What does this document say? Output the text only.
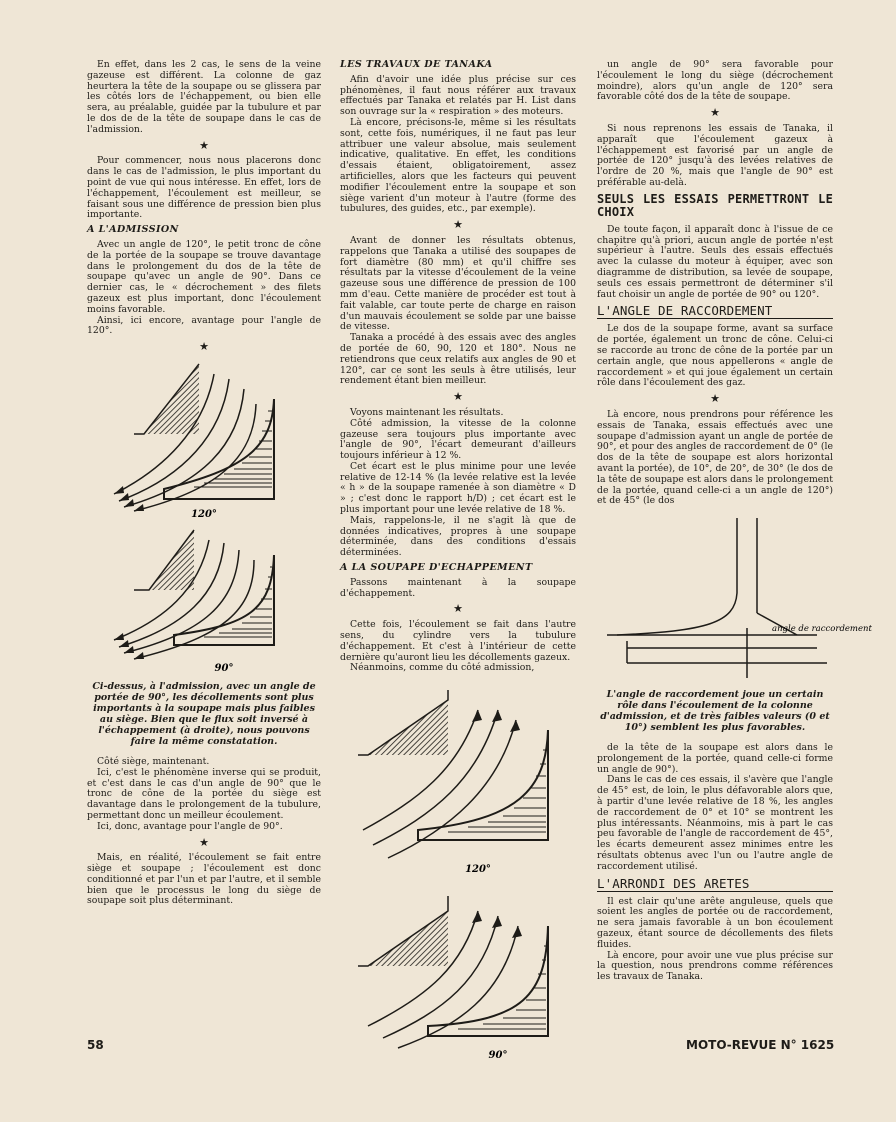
En effet, dans les 2 cas, le sens de la veine gazeuse est différent. La colonne de gaz heurtera la tête de la soupape ou se glissera par les côtés lors de l'échappement, ou bien elle sera, au préalable, guidée par la tubulure et par le dos de de la tête de soupape dans le cas de l'admission.

★

Pour commencer, nous nous placerons donc dans le cas de l'admission, le plus important du point de vue qui nous intéresse. En effet, lors de l'échappement, l'écoulement est meilleur, se faisant sous une différence de pression bien plus importante.

A L'ADMISSION

Avec un angle de 120°, le petit tronc de cône de la portée de la soupape se trouve davantage dans le prolongement du dos de la tête de soupape qu'avec un angle de 90°. Dans ce dernier cas, le « décrochement » des filets gazeux est plus important, donc l'écoulement moins favorable.

Ainsi, ici encore, avantage pour l'angle de 120°.

★
120°
90°
Ci-dessus, à l'admission, avec un angle de portée de 90°, les décollements sont plus importants à la soupape mais plus faibles au siège. Bien que le flux soit inversé à l'échappement (à droite), nous pouvons faire la même constatation.

Côté siège, maintenant.

Ici, c'est le phénomène inverse qui se produit, et c'est dans le cas d'un angle de 90° que le tronc de cône de la portée du siège est davantage dans le prolongement de la tubulure, permettant donc un meilleur écoulement.

Ici, donc, avantage pour l'angle de 90°.

★

Mais, en réalité, l'écoulement se fait entre siège et soupape ; l'écoulement est donc conditionné et par l'un et par l'autre, et il semble bien que le processus le long du siège de soupape soit plus déterminant.

LES TRAVAUX DE TANAKA

Afin d'avoir une idée plus précise sur ces phénomènes, il faut nous référer aux travaux effectués par Tanaka et relatés par H. List dans son ouvrage sur la « respiration » des moteurs.

Là encore, précisons-le, même si les résultats sont, cette fois, numériques, il ne faut pas leur attribuer une valeur absolue, mais seulement indicative, qualitative. En effet, les conditions d'essais étaient, obligatoirement, assez artificielles, alors que les facteurs qui peuvent modifier l'écoulement entre la soupape et son siège varient d'un moteur à l'autre (forme des tubulures, des guides, etc., par exemple).

★

Avant de donner les résultats obtenus, rappelons que Tanaka a utilisé des soupapes de fort diamètre (80 mm) et qu'il chiffre ses résultats par la vitesse d'écoulement de la veine gazeuse sous une différence de pression de 100 mm d'eau. Cette manière de procéder est tout à fait valable, car toute perte de charge en raison d'un mauvais écoulement se solde par une baisse de vitesse.

Tanaka a procédé à des essais avec des angles de portée de 60, 90, 120 et 180°. Nous ne retiendrons que ceux relatifs aux angles de 90 et 120°, car ce sont les seuls à être utilisés, leur rendement étant bien meilleur.

★

Voyons maintenant les résultats.

Côté admission, la vitesse de la colonne gazeuse sera toujours plus importante avec l'angle de 90°, l'écart demeurant d'ailleurs toujours inférieur à 12 %.

Cet écart est le plus minime pour une levée relative de 12-14 % (la levée relative est la levée « h » de la soupape ramenée à son diamètre « D » ; c'est donc le rapport h/D) ; cet écart est le plus important pour une levée relative de 18 %.

Mais, rappelons-le, il ne s'agit là que de données indicatives, propres à une soupape déterminée, dans des conditions d'essais déterminées.

A LA SOUPAPE D'ECHAPPEMENT

Passons maintenant à la soupape d'échappement.

★

Cette fois, l'écoulement se fait dans l'autre sens, du cylindre vers la tubulure d'échappement. Et c'est à l'intérieur de cette dernière qu'auront lieu les décollements gazeux.

Néanmoins, comme du côté admission,

120°
90°

un angle de 90° sera favorable pour l'écoulement le long du siège (décrochement moindre), alors qu'un angle de 120° sera favorable côté dos de la tête de soupape.

★

Si nous reprenons les essais de Tanaka, il apparaît que l'écoulement gazeux à l'échappement est favorisé par un angle de portée de 120° jusqu'à des levées relatives de l'ordre de 20 %, mais que l'angle de 90° est préférable au-delà.

SEULS LES ESSAIS PERMETTRONT LE CHOIX

De toute façon, il apparaît donc à l'issue de ce chapitre qu'à priori, aucun angle de portée n'est supérieur à l'autre. Seuls des essais effectués avec la culasse du moteur à équiper, avec son diagramme de distribution, sa levée de soupape, seuls ces essais permettront de déterminer s'il faut choisir un angle de portée de 90° ou 120°.

L'ANGLE DE RACCORDEMENT

Le dos de la soupape forme, avant sa surface de portée, également un tronc de cône. Celui-ci se raccorde au tronc de cône de la portée par un certain angle, que nous appellerons « angle de raccordement » et qui joue également un certain rôle dans l'écoulement des gaz.

★

Là encore, nous prendrons pour référence les essais de Tanaka, essais effectués avec une soupape d'admission ayant un angle de portée de 90°, et pour des angles de raccordement de 0° (le dos de la tête de soupape est alors horizontal avant la portée), de 10°, de 20°, de 30° (le dos de la tête de soupape est alors dans le prolongement de la portée, quand celle-ci a un angle de 120°) et de 45° (le dos

angle de raccordement
L'angle de raccordement joue un certain rôle dans l'écoulement de la colonne d'admission, et de très faibles valeurs (0 et 10°) semblent les plus favorables.

de la tête de la soupape est alors dans le prolongement de la portée, quand celle-ci forme un angle de 90°).

Dans le cas de ces essais, il s'avère que l'angle de 45° est, de loin, le plus défavorable alors que, à partir d'une levée relative de 18 %, les angles de raccordement de 0° et 10° se montrent les plus intéressants. Néanmoins, mis à part le cas peu favorable de l'angle de raccordement de 45°, les écarts demeurent assez minimes entre les résultats obtenus avec l'un ou l'autre angle de raccordement utilisé.

L'ARRONDI DES ARETES

Il est clair qu'une arête anguleuse, quels que soient les angles de portée ou de raccordement, ne sera jamais favorable à un bon écoulement gazeux, étant source de décollements des filets fluides.

Là encore, pour avoir une vue plus précise sur la question, nous prendrons comme références les travaux de Tanaka.

58	MOTO-REVUE N° 1625
